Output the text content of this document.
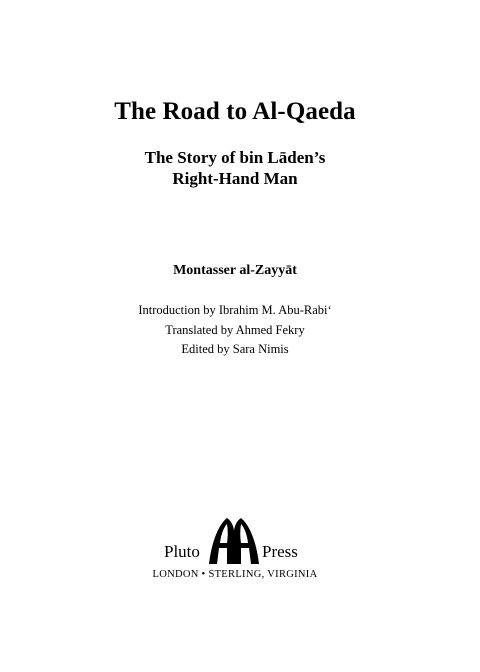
The Road to Al-Qaeda
The Story of bin Lāden’s
Right-Hand Man
Montasser al-Zayyāt
Introduction by Ibrahim M. Abu-Rabi‘
Translated by Ahmed Fekry
Edited by Sara Nimis
Pluto	Press
LONDON • STERLING, VIRGINIA
